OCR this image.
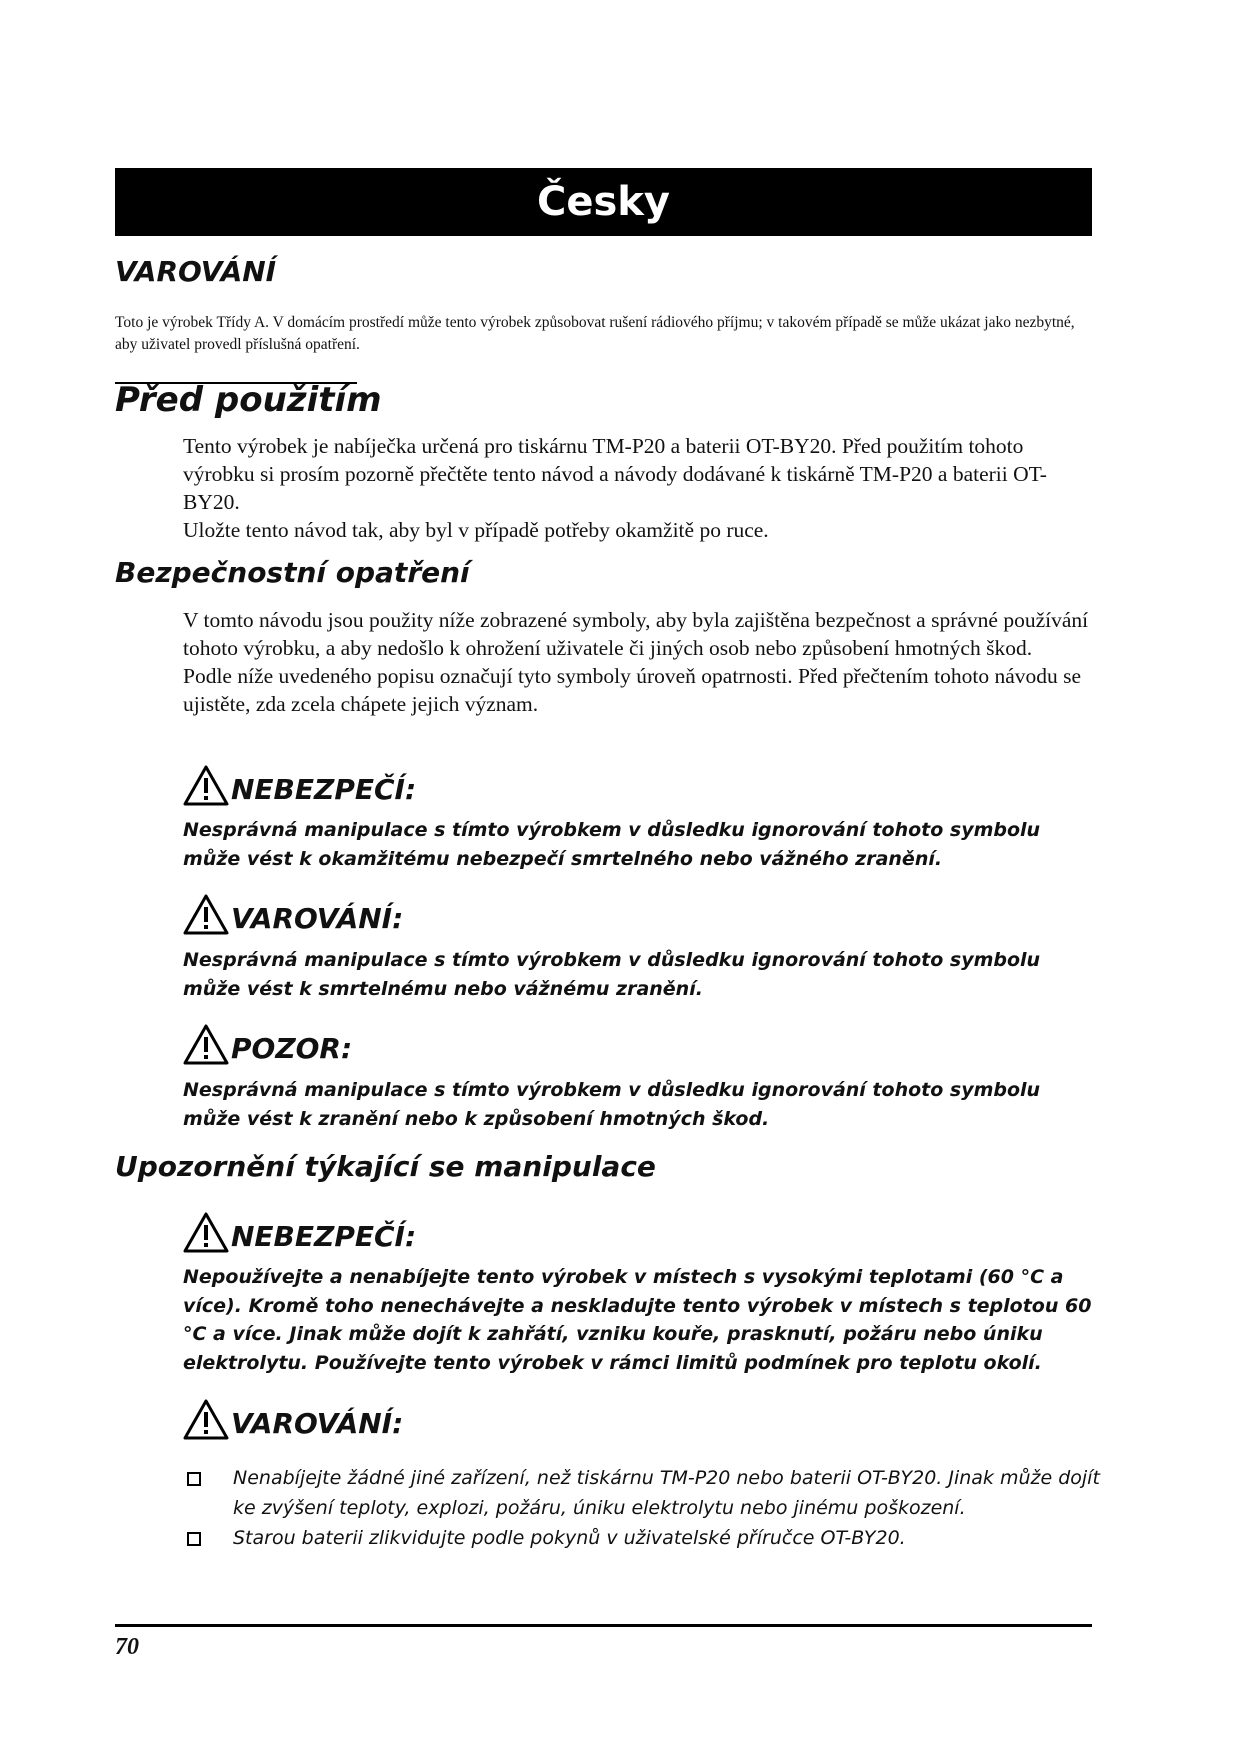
Česky
VAROVÁNÍ
Toto je výrobek Třídy A. V domácím prostředí může tento výrobek způsobovat rušení rádiového příjmu; v takovém případě se může ukázat jako nezbytné, aby uživatel provedl příslušná opatření.
Před použitím

Tento výrobek je nabíječka určená pro tiskárnu TM-P20 a baterii OT-BY20. Před použitím tohoto výrobku si prosím pozorně přečtěte tento návod a návody dodávané k tiskárně TM-P20 a baterii OT-BY20.

Uložte tento návod tak, aby byl v případě potřeby okamžitě po ruce.

Bezpečnostní opatření

V tomto návodu jsou použity níže zobrazené symboly, aby byla zajištěna bezpečnost a správné používání tohoto výrobku, a aby nedošlo k ohrožení uživatele či jiných osob nebo způsobení hmotných škod.

Podle níže uvedeného popisu označují tyto symboly úroveň opatrnosti. Před přečtením tohoto návodu se ujistěte, zda zcela chápete jejich význam.

NEBEZPEČÍ:
Nesprávná manipulace s tímto výrobkem v důsledku ignorování tohoto symbolu může vést k okamžitému nebezpečí smrtelného nebo vážného zranění.
VAROVÁNÍ:
Nesprávná manipulace s tímto výrobkem v důsledku ignorování tohoto symbolu může vést k smrtelnému nebo vážnému zranění.
POZOR:
Nesprávná manipulace s tímto výrobkem v důsledku ignorování tohoto symbolu může vést k zranění nebo k způsobení hmotných škod.
Upozornění týkající se manipulace
NEBEZPEČÍ:
Nepoužívejte a nenabíjejte tento výrobek v místech s vysokými teplotami (60 °C a více). Kromě toho nenechávejte a neskladujte tento výrobek v místech s teplotou 60 °C a více. Jinak může dojít k zahřátí, vzniku kouře, prasknutí, požáru nebo úniku elektrolytu. Používejte tento výrobek v rámci limitů podmínek pro teplotu okolí.
VAROVÁNÍ:
Nenabíjejte žádné jiné zařízení, než tiskárnu TM-P20 nebo baterii OT-BY20. Jinak může dojít ke zvýšení teploty, explozi, požáru, úniku elektrolytu nebo jinému poškození.
Starou baterii zlikvidujte podle pokynů v uživatelské příručce OT-BY20.
70
